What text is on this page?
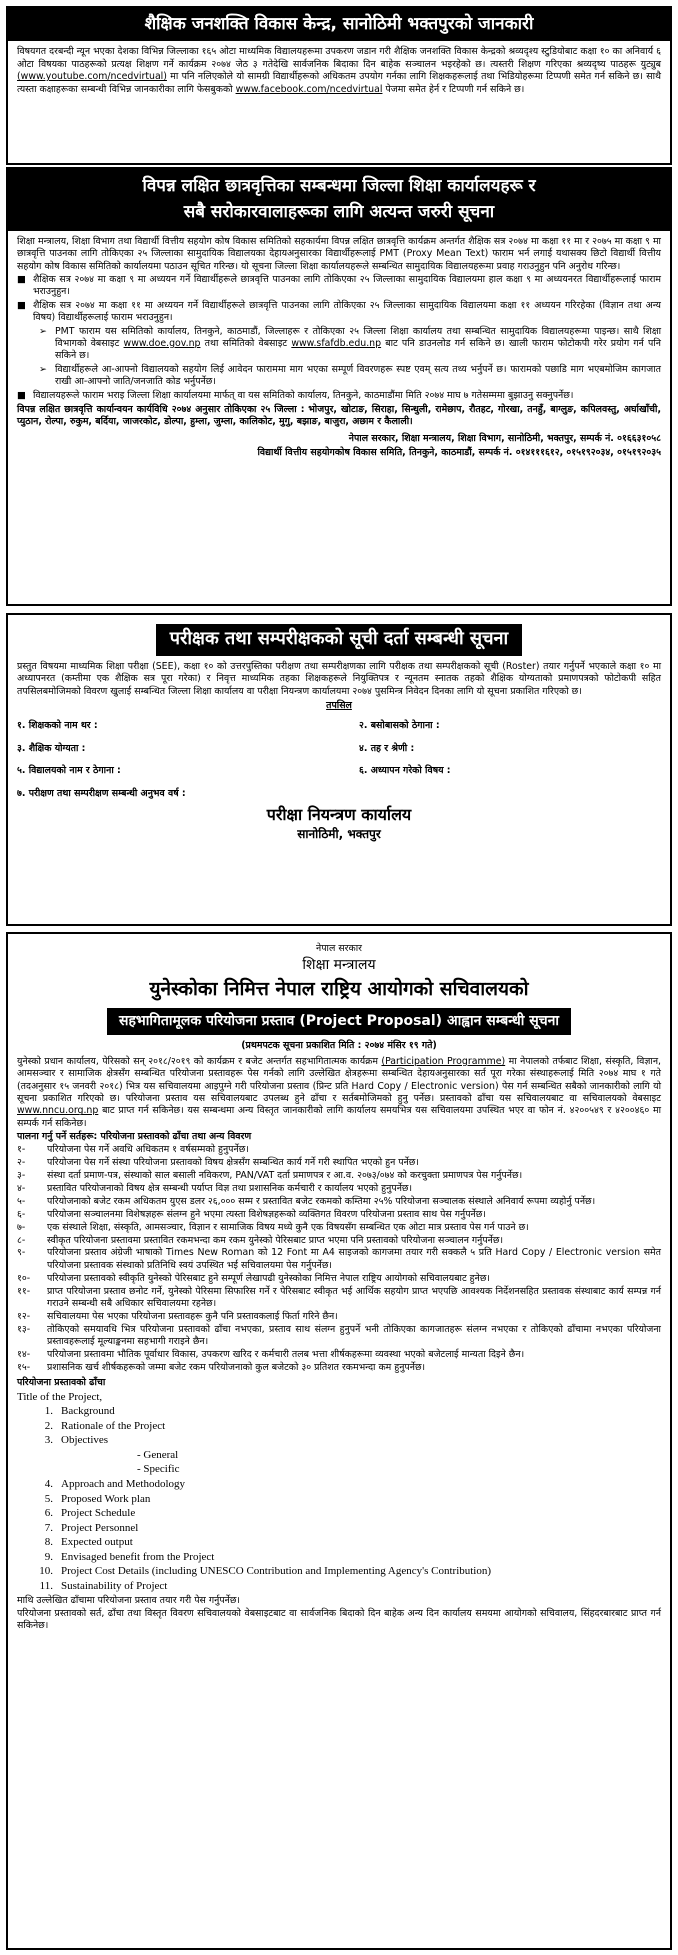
शैक्षिक जनशक्ति विकास केन्द्र, सानोठिमी भक्तपुरको जानकारी

विषयगत दरबन्दी न्यून भएका देशका विभिन्न जिल्लाका १६५ ओटा माध्यमिक विद्यालयहरूमा उपकरण जडान गरी शैक्षिक जनशक्ति विकास केन्द्रको श्रव्यदृश्य स्टुडियोबाट कक्षा १० का अनिवार्य ६ ओटा विषयका पाठहरूको प्रत्यक्ष शिक्षण गर्ने कार्यक्रम २०७४ जेठ ३ गतेदेखि सार्वजनिक बिदाका दिन बाहेक सञ्चालन भइरहेको छ। त्यस्तरी शिक्षण गरिएका श्रव्यदृष्य पाठहरू युट्युब (www.youtube.com/ncedvirtual) मा पनि नलिएकोले यो सामग्री विद्यार्थीहरूको अधिकतम उपयोग गर्नका लागि शिक्षकहरूलाई तथा भिडियोहरूमा टिप्पणी समेत गर्न सकिने छ। साथै त्यस्ता कक्षाहरूका सम्बन्धी विभिन्न जानकारीका लागि फेसबुकको www.facebook.com/ncedvirtual पेजमा समेत हेर्न र टिप्पणी गर्न सकिने छ।

विपन्न लक्षित छात्रवृत्तिका सम्बन्धमा जिल्ला शिक्षा कार्यालयहरू र
सबै सरोकारवालाहरूका लागि अत्यन्त जरुरी सूचना

शिक्षा मन्त्रालय, शिक्षा विभाग तथा विद्यार्थी वित्तीय सहयोग कोष विकास समितिको सहकार्यमा विपन्न लक्षित छात्रवृत्ति कार्यक्रम अन्तर्गत शैक्षिक सत्र २०७४ मा कक्षा ११ मा र २०७५ मा कक्षा ९ मा छात्रवृत्ति पाउनका लागि तोकिएका २५ जिल्लाका सामुदायिक विद्यालयका देहायअनुसारका विद्यार्थीहरूलाई PMT (Proxy Mean Text) फाराम भर्न लगाई यथासक्य छिटो विद्यार्थी वित्तीय सहयोग कोष विकास समितिको कार्यालयमा पठाउन सूचित गरिन्छ। यो सूचना जिल्ला शिक्षा कार्यालयहरूले सम्बन्धित सामुदायिक विद्यालयहरूमा प्रवाह गराउनुहुन पनि अनुरोध गरिन्छ।

■ शैक्षिक सत्र २०७४ मा कक्षा ९ मा अध्ययन गर्ने विद्यार्थीहरूले छात्रवृत्ति पाउनका लागि तोकिएका २५ जिल्लाका सामुदायिक विद्यालयमा हाल कक्षा ९ मा अध्ययनरत विद्यार्थीहरूलाई फाराम भराउनुहुन।
■ शैक्षिक सत्र २०७४ मा कक्षा ११ मा अध्ययन गर्ने विद्यार्थीहरूले छात्रवृत्ति पाउनका लागि तोकिएका २५ जिल्लाका सामुदायिक विद्यालयमा कक्षा ११ अध्ययन गरिरहेका (विज्ञान तथा अन्य विषय) विद्यार्थीहरूलाई फाराम भराउनुहुन।
➢ PMT फाराम यस समितिको कार्यालय, तिनकुने, काठमाडौं, जिल्लाहरू र तोकिएका २५ जिल्ला शिक्षा कार्यालय तथा सम्बन्धित सामुदायिक विद्यालयहरूमा पाइन्छ। साथै शिक्षा विभागको वेबसाइट www.doe.gov.np तथा समितिको वेबसाइट www.sfafdb.edu.np बाट पनि डाउनलोड गर्न सकिने छ। खाली फाराम फोटोकपी गरेर प्रयोग गर्न पनि सकिने छ।
➢ विद्यार्थीहरूले आ-आफ्नो विद्यालयको सहयोग लिई आवेदन फाराममा माग भएका सम्पूर्ण विवरणहरू स्पष्ट एवम् सत्य तथ्य भर्नुपर्ने छ। फारामको पछाडि माग भएबमोजिम कागजात राखी आ-आफ्नो जाति/जनजाति कोड भर्नुपर्नेछ।
■ विद्यालयहरूले फाराम भराइ जिल्ला शिक्षा कार्यालयमा मार्फत् वा यस समितिको कार्यालय, तिनकुने, काठमाडौंमा मिति २०७४ माघ ७ गतेसम्ममा बुझाउनु सक्नुपर्नेछ।

विपन्न लक्षित छात्रवृत्ति कार्यान्वयन कार्यविधि २०७४ अनुसार तोकिएका २५ जिल्ला : भोजपुर, खोटाङ, सिराहा, सिन्धुली, रामेछाप, रौतहट, गोरखा, तनहुँ, बाग्लुङ, कपिलवस्तु, अर्घाखाँची, प्युठान, रोल्पा, रुकुम, बर्दिया, जाजरकोट, डोल्पा, हुम्ला, जुम्ला, कालिकोट, मुगु, बझाङ, बाजुरा, अछाम र कैलाली।

नेपाल सरकार, शिक्षा मन्त्रालय, शिक्षा विभाग, सानोठिमी, भक्तपुर, सम्पर्क नं. ०१६६३१०५८

विद्यार्थी वित्तीय सहयोगकोष विकास समिति, तिनकुने, काठमाडौं, सम्पर्क नं. ०१४१११६१२, ०१५१९२०३४, ०१५१९२०३५

परीक्षक तथा सम्परीक्षकको सूची दर्ता सम्बन्धी सूचना

प्रस्तुत विषयमा माध्यमिक शिक्षा परीक्षा (SEE), कक्षा १० को उत्तरपुस्तिका परीक्षण तथा सम्परीक्षणका लागि परीक्षक तथा सम्परीक्षकको सूची (Roster) तयार गर्नुपर्ने भएकाले कक्षा १० मा अध्यापनरत (कम्तीमा एक शैक्षिक सत्र पूरा गरेका) र निवृत्त माध्यमिक तहका शिक्षकहरूले नियुक्तिपत्र र न्यूनतम स्नातक तहको शैक्षिक योग्यताको प्रमाणपत्रको फोटोकपी सहित तपसिलबमोजिमको विवरण खुलाई सम्बन्धित जिल्ला शिक्षा कार्यालय वा परीक्षा नियन्त्रण कार्यालयमा २०७४ पुसमिन्त्र निवेदन दिनका लागि यो सूचना प्रकाशित गरिएको छ।

तपसिल
१. शिक्षकको नाम थर :	२. बसोबासको ठेगाना :
३. शैक्षिक योग्यता :	४. तह र श्रेणी :
५. विद्यालयको नाम र ठेगाना :	६. अध्यापन गरेको विषय :
७. परीक्षण तथा सम्परीक्षण सम्बन्धी अनुभव वर्ष :
परीक्षा नियन्त्रण कार्यालय
सानोठिमी, भक्तपुर
नेपाल सरकार
शिक्षा मन्त्रालय
युनेस्कोका निमित्त नेपाल राष्ट्रिय आयोगको सचिवालयको
सहभागितामूलक परियोजना प्रस्ताव (Project Proposal) आह्वान सम्बन्धी सूचना
(प्रथमपटक सूचना प्रकाशित मिति : २०७४ मंसिर १९ गते)

युनेस्को प्रधान कार्यालय, पेरिसको सन् २०१८/२०१९ को कार्यक्रम र बजेट अन्तर्गत सहभागितात्मक कार्यक्रम (Participation Programme) मा नेपालको तर्फबाट शिक्षा, संस्कृति, विज्ञान, आमसञ्चार र सामाजिक क्षेत्रसँग सम्बन्धित परियोजना प्रस्तावहरू पेस गर्नको लागि उल्लेखित क्षेत्रहरूमा सम्बन्धित देहायअनुसारका सर्त पूरा गरेका संस्थाहरूलाई मिति २०७४ माघ १ गते (तदअनुसार १५ जनवरी २०१८) भित्र यस सचिवालयमा आइपुग्ने गरी परियोजना प्रस्ताव (प्रिन्ट प्रति Hard Copy / Electronic version) पेस गर्न सम्बन्धित सबैको जानकारीको लागि यो सूचना प्रकाशित गरिएको छ। परियोजना प्रस्ताव यस सचिवालयबाट उपलब्ध हुने ढाँचा र सर्तबमोजिमको हुनु पर्नेछ। प्रस्तावको ढाँचा यस सचिवालयबाट वा सचिवालयको वेबसाइट www.nncu.org.np बाट प्राप्त गर्न सकिनेछ। यस सम्बन्धमा अन्य विस्तृत जानकारीको लागि कार्यालय समयभित्र यस सचिवालयमा उपस्थित भएर वा फोन नं. ४२००५४९ र ४२००४६० मा सम्पर्क गर्न सकिनेछ।

पालना गर्नु पर्ने सर्तहरू: परियोजना प्रस्तावको ढाँचा तथा अन्य विवरण
१-	परियोजना पेस गर्ने अवधि अधिकतम १ वर्षसम्मको हुनुपर्नेछ।
२-	परियोजना पेस गर्ने संस्था परियोजना प्रस्तावको विषय क्षेत्रसँग सम्बन्धित कार्य गर्ने गरी स्थापित भएको हुन पर्नेछ।
३-	संस्था दर्ता प्रमाण-पत्र, संस्थाको साल बसाली नविकरण, PAN/VAT दर्ता प्रमाणपत्र र आ.व. २०७३/०७४ को करचुक्ता प्रमाणपत्र पेस गर्नुपर्नेछ।
४-	प्रस्तावित परियोजनाको विषय क्षेत्र सम्बन्धी पर्याप्त विज्ञ तथा प्रशासनिक कर्मचारी र कार्यालय भएको हुनुपर्नेछ।
५-	परियोजनाको बजेट रकम अधिकतम युएस डलर २६,००० सम्म र प्रस्तावित बजेट रकमको कम्तिमा २५% परियोजना सञ्चालक संस्थाले अनिवार्य रूपमा व्यहोर्नु पर्नेछ।
६-	परियोजना सञ्चालनमा विशेषज्ञहरू संलग्न हुने भएमा त्यस्ता विशेषज्ञहरूको व्यक्तिगत विवरण परियोजना प्रस्ताव साथ पेस गर्नुपर्नेछ।
७-	एक संस्थाले शिक्षा, संस्कृति, आमसञ्चार, विज्ञान र सामाजिक विषय मध्ये कुनै एक विषयसँग सम्बन्धित एक ओटा मात्र प्रस्ताव पेस गर्न पाउने छ।
८-	स्वीकृत परियोजना प्रस्तावमा प्रस्तावित रकमभन्दा कम रकम युनेस्को पेरिसबाट प्राप्त भएमा पनि प्रस्तावको परियोजना सञ्चालन गर्नुपर्नेछ।
९-	परियोजना प्रस्ताव अंग्रेजी भाषाको Times New Roman को 12 Font मा A4 साइजको कागजमा तयार गरी सक्कलै ५ प्रति Hard Copy / Electronic version समेत परियोजना प्रस्तावक संस्थाको प्रतिनिधि स्वयं उपस्थित भई सचिवालयमा पेस गर्नुपर्नेछ।
१०-	परियोजना प्रस्तावको स्वीकृति युनेस्को पेरिसबाट हुने सम्पूर्ण लेखापढी युनेस्कोका निमित्त नेपाल राष्ट्रिय आयोगको सचिवालयबाट हुनेछ।
११-	प्राप्त परियोजना प्रस्ताव छनोट गर्ने, युनेस्को पेरिसमा सिफारिस गर्ने र पेरिसबाट स्वीकृत भई आर्थिक सहयोग प्राप्त भएपछि आवश्यक निर्देशनसहित प्रस्तावक संस्थाबाट कार्य सम्पन्न गर्न गराउने सम्बन्धी सबै अधिकार सचिवालयमा रहनेछ।
१२-	सचिवालयमा पेस भएका परियोजना प्रस्तावहरू कुनै पनि प्रस्तावकलाई फिर्ता गरिने छैन।
१३-	तोकिएको समयावधि भित्र परियोजना प्रस्तावको ढाँचा नभएका, प्रस्ताव साथ संलग्न हुनुपर्ने भनी तोकिएका कागजातहरू संलग्न नभएका र तोकिएको ढाँचामा नभएका परियोजना प्रस्तावहरूलाई मूल्याङ्कनमा सहभागी गराइने छैन।
१४-	परियोजना प्रस्तावमा भौतिक पूर्वाधार विकास, उपकरण खरिद र कर्मचारी तलब भत्ता शीर्षकहरूमा व्यवस्था भएको बजेटलाई मान्यता दिइने छैन।
१५-	प्रशासनिक खर्च शीर्षकहरूको जम्मा बजेट रकम परियोजनाको कुल बजेटको ३० प्रतिशत रकमभन्दा कम हुनुपर्नेछ।
परियोजना प्रस्तावको ढाँचा
Title of the Project,
1. Background
2. Rationale of the Project
3. Objectives
- General
- Specific
4. Approach and Methodology
5. Proposed Work plan
6. Project Schedule
7. Project Personnel
8. Expected output
9. Envisaged benefit from the Project
10. Project Cost Details (including UNESCO Contribution and Implementing Agency's Contribution)
11. Sustainability of Project

माथि उल्लेखित ढाँचामा परियोजना प्रस्ताव तयार गरी पेस गर्नुपर्नेछ।

परियोजना प्रस्तावको सर्त, ढाँचा तथा विस्तृत विवरण सचिवालयको वेबसाइटबाट वा सार्वजनिक बिदाको दिन बाहेक अन्य दिन कार्यालय समयमा आयोगको सचिवालय, सिंहदरबारबाट प्राप्त गर्न सकिनेछ।
